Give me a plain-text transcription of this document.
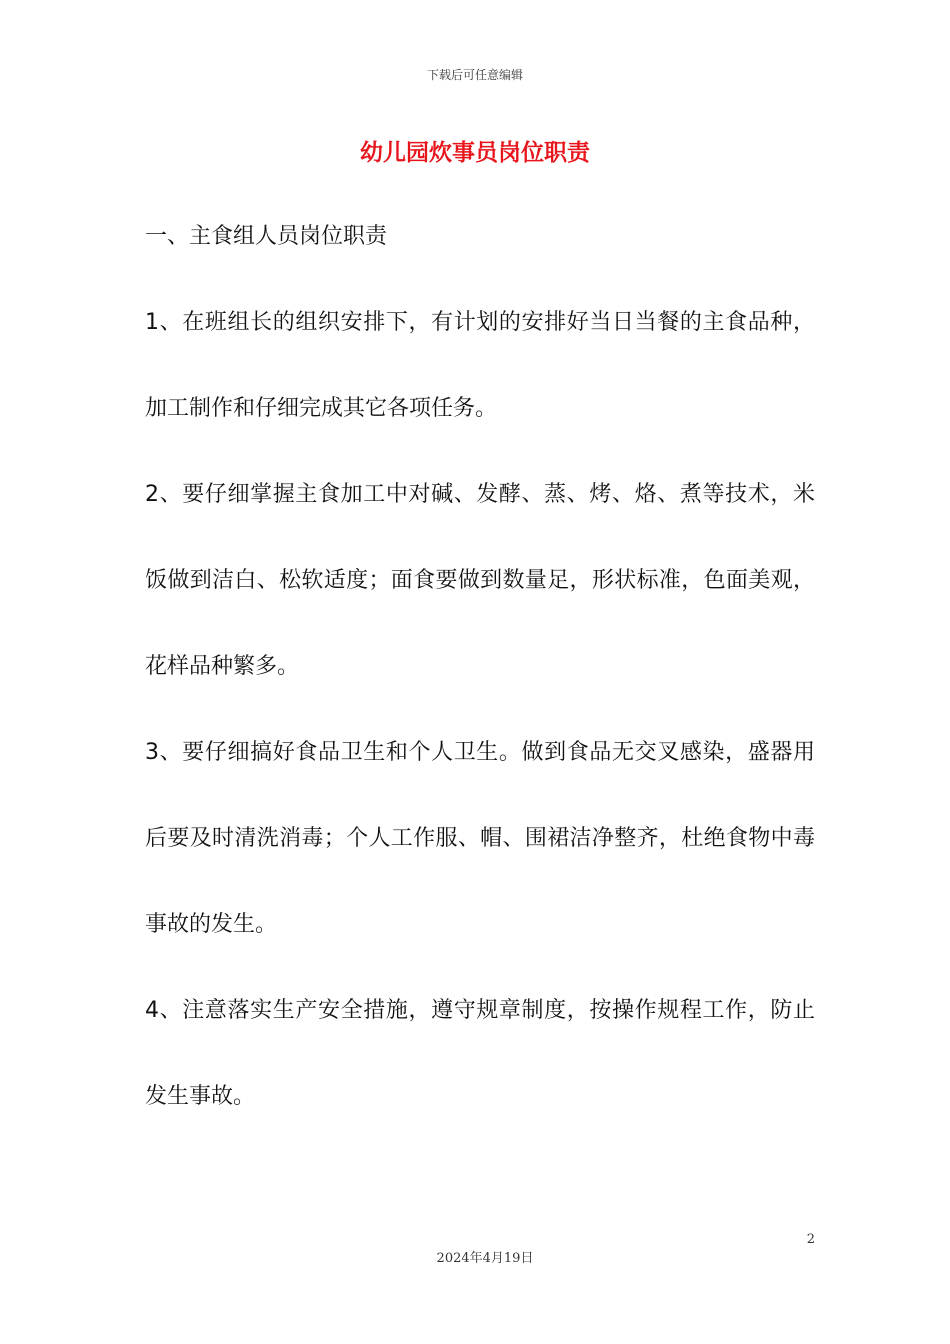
下载后可任意编辑
幼儿园炊事员岗位职责
一、主食组人员岗位职责

1、在班组长的组织安排下，有计划的安排好当日当餐的主食品种，加工制作和仔细完成其它各项任务。

2、要仔细掌握主食加工中对碱、发酵、蒸、烤、烙、煮等技术，米饭做到洁白、松软适度；面食要做到数量足，形状标准，色面美观，花样品种繁多。

3、要仔细搞好食品卫生和个人卫生。做到食品无交叉感染，盛器用后要及时清洗消毒；个人工作服、帽、围裙洁净整齐，杜绝食物中毒事故的发生。

4、注意落实生产安全措施，遵守规章制度，按操作规程工作，防止发生事故。

2
2024年4月19日
